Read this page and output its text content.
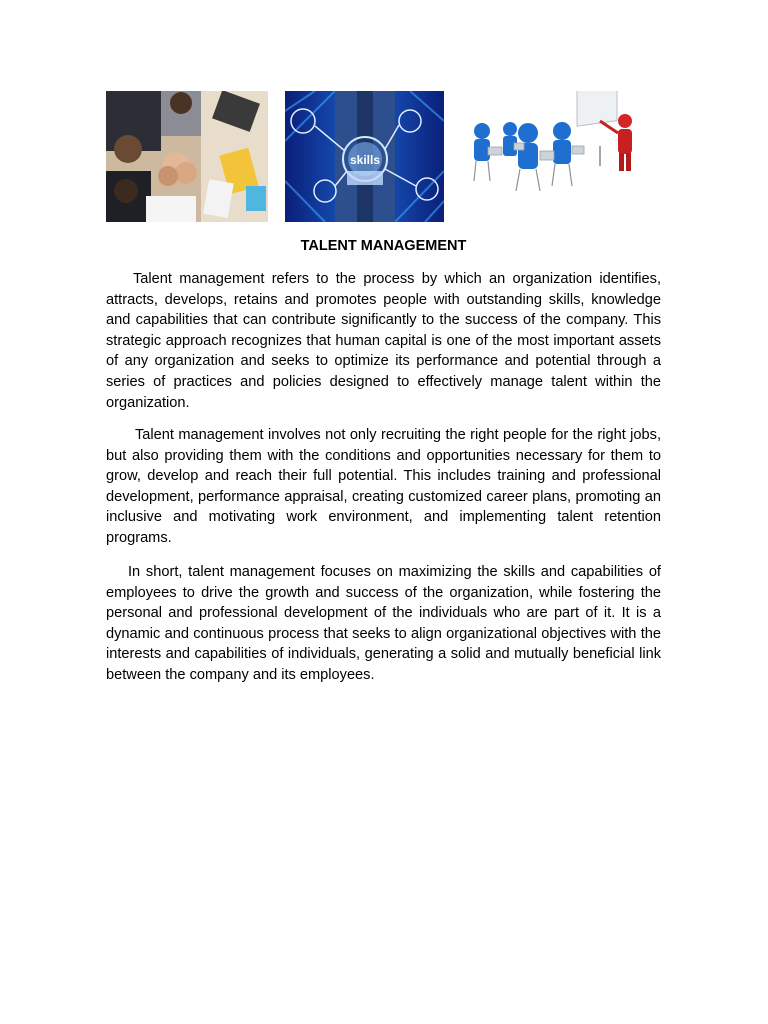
skills
TALENT MANAGEMENT

Talent management refers to the process by which an organization identifies, attracts, develops, retains and promotes people with outstanding skills, knowledge and capabilities that can contribute significantly to the success of the company. This strategic approach recognizes that human capital is one of the most important assets of any organization and seeks to optimize its performance and potential through a series of practices and policies designed to effectively manage talent within the organization.

Talent management involves not only recruiting the right people for the right jobs, but also providing them with the conditions and opportunities necessary for them to grow, develop and reach their full potential. This includes training and professional development, performance appraisal, creating customized career plans, promoting an inclusive and motivating work environment, and implementing talent retention programs.

In short, talent management focuses on maximizing the skills and capabilities of employees to drive the growth and success of the organization, while fostering the personal and professional development of the individuals who are part of it. It is a dynamic and continuous process that seeks to align organizational objectives with the interests and capabilities of individuals, generating a solid and mutually beneficial link between the company and its employees.
